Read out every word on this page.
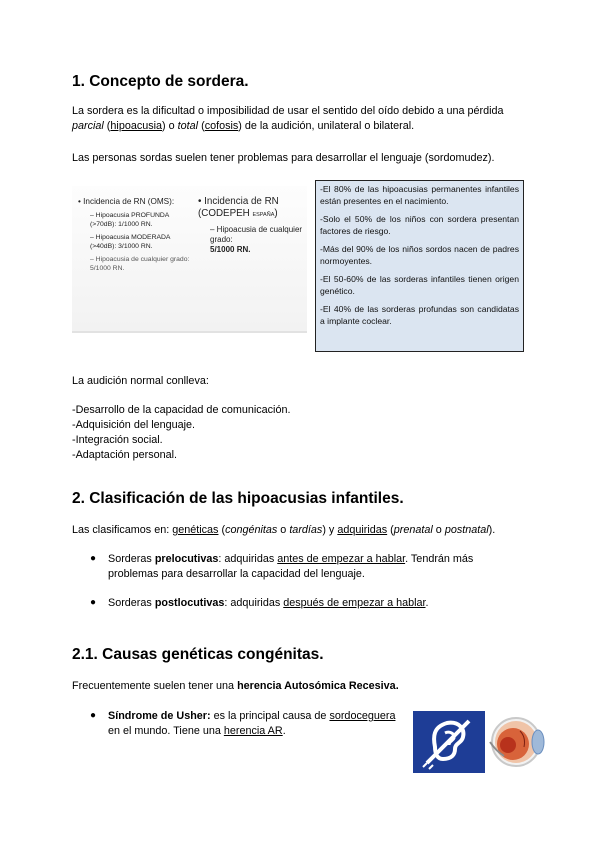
1. Concepto de sordera.

La sordera es la dificultad o imposibilidad de usar el sentido del oído debido a una pérdida
parcial (hipoacusia) o total (cofosis) de la audición, unilateral o bilateral.

Las personas sordas suelen tener problemas para desarrollar el lenguaje (sordomudez).

• Incidencia de RN (OMS):
– Hipoacusia PROFUNDA (>70dB): 1/1000 RN.
– Hipoacusia MODERADA (>40dB): 3/1000 RN.
– Hipoacusia de cualquier grado: 5/1000 RN.
• Incidencia de RN (CODEPEH ESPAÑA)
– Hipoacusia de cualquier grado:
5/1000 RN.
-El 80% de las hipoacusias permanentes infantiles están presentes en el nacimiento.
-Solo el 50% de los niños con sordera presentan factores de riesgo.
-Más del 90% de los niños sordos nacen de padres normoyentes.
-El 50-60% de las sorderas infantiles tienen origen genético.
-El 40% de las sorderas profundas son candidatas a implante coclear.

La audición normal conlleva:

-Desarrollo de la capacidad de comunicación.

-Adquisición del lenguaje.

-Integración social.

-Adaptación personal.

2. Clasificación de las hipoacusias infantiles.

Las clasificamos en: genéticas (congénitas o tardías) y adquiridas (prenatal o postnatal).

● Sorderas prelocutivas: adquiridas antes de empezar a hablar. Tendrán más
problemas para desarrollar la capacidad del lenguaje.

● Sorderas postlocutivas: adquiridas después de empezar a hablar.

2.1. Causas genéticas congénitas.

Frecuentemente suelen tener una herencia Autosómica Recesiva.

● Síndrome de Usher: es la principal causa de sordoceguera
en el mundo. Tiene una herencia AR.
